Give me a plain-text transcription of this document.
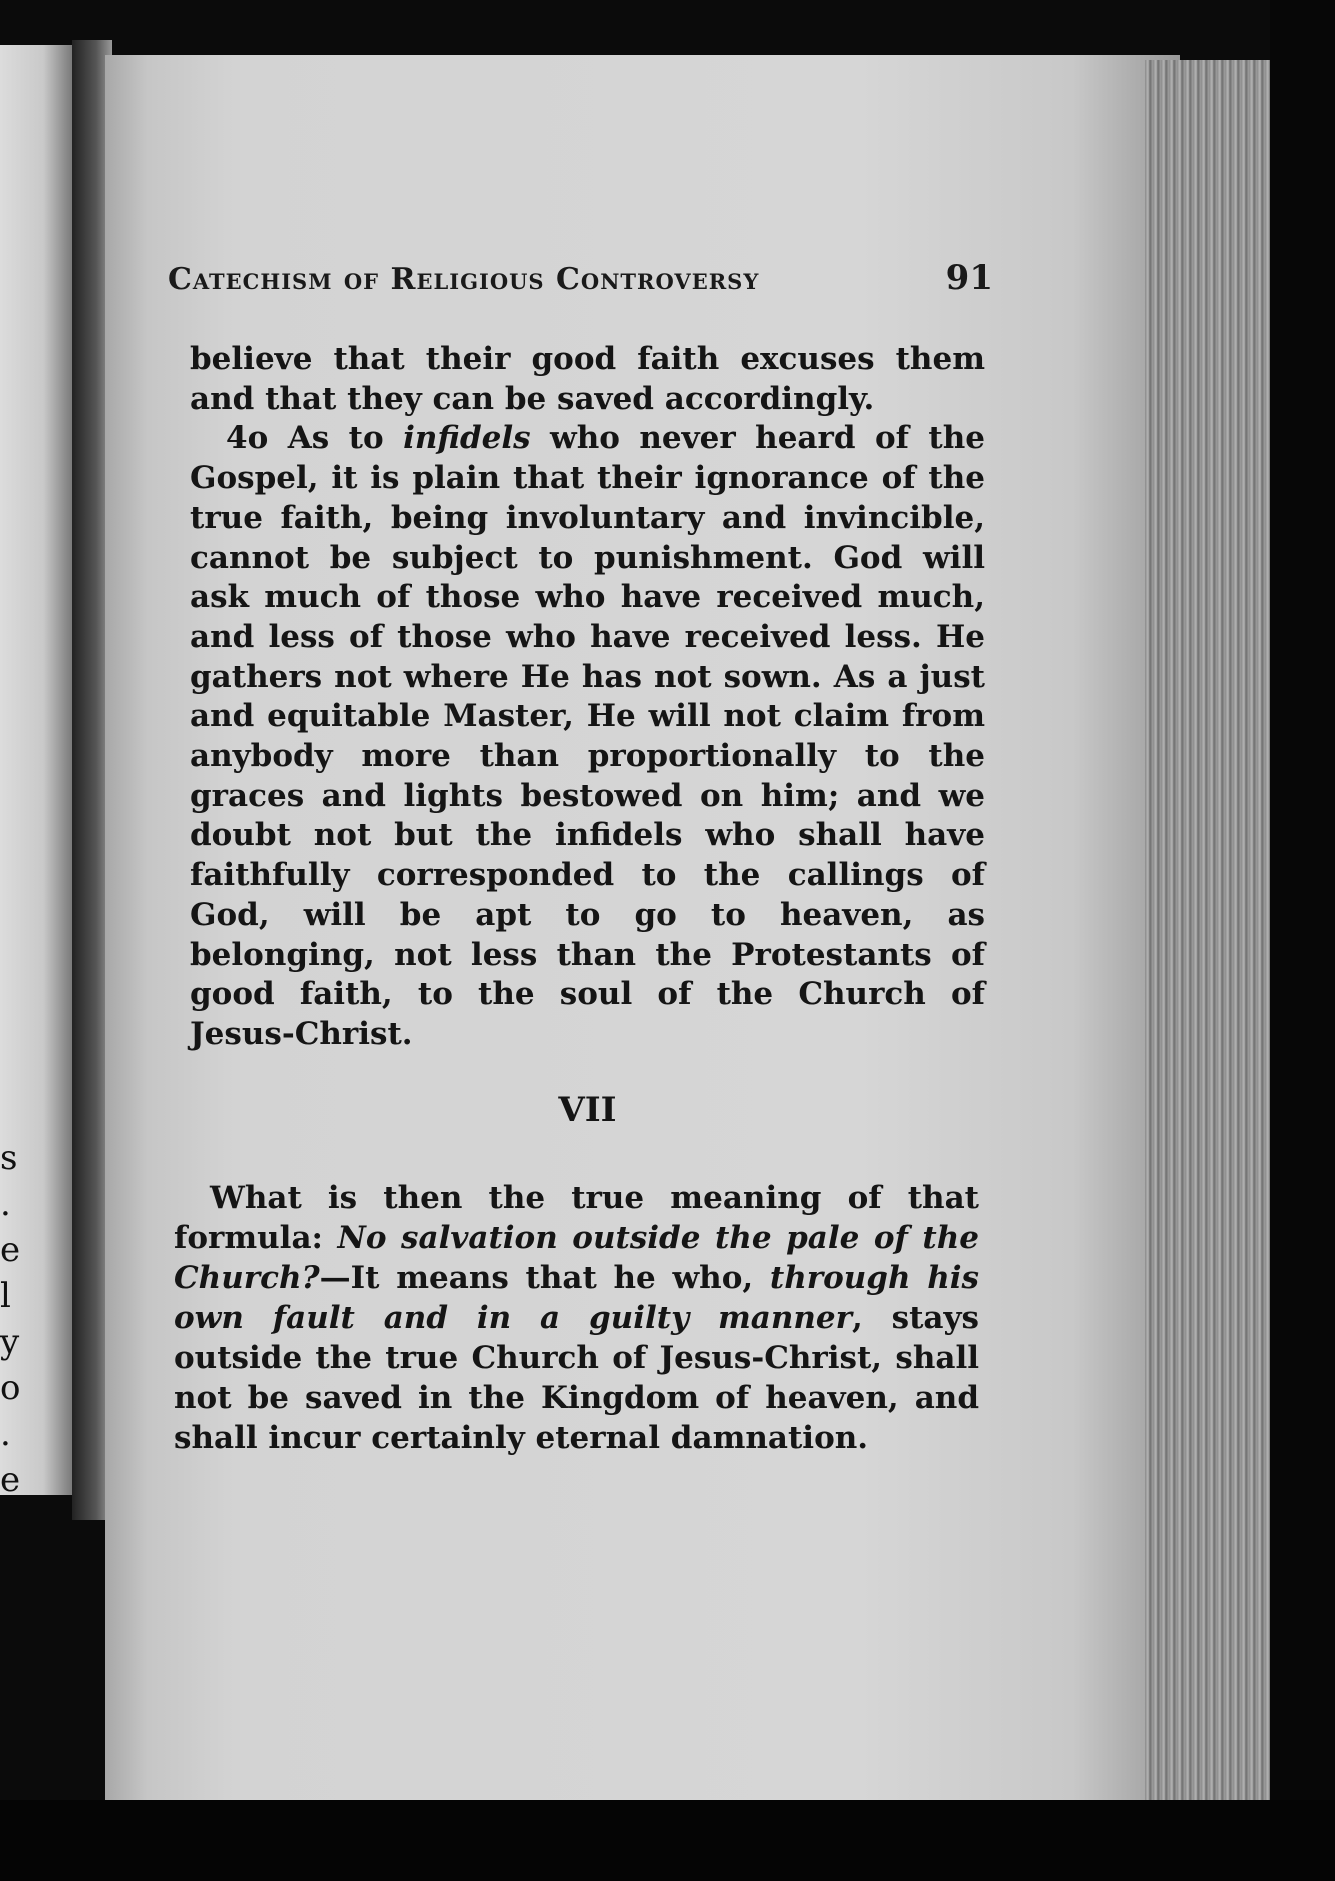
s
.
e
l
y
o
.
e
Catechism of Religious Controversy	91

believe that their good faith excuses them and that they can be saved accordingly.

4o As to infidels who never heard of the Gospel, it is plain that their ignorance of the true faith, being involuntary and invincible, cannot be subject to punishment. God will ask much of those who have received much, and less of those who have received less. He gathers not where He has not sown. As a just and equitable Master, He will not claim from anybody more than proportionally to the graces and lights bestowed on him; and we doubt not but the infidels who shall have faithfully corresponded to the callings of God, will be apt to go to heaven, as belonging, not less than the Protestants of good faith, to the soul of the Church of Jesus-Christ.

VII

What is then the true meaning of that formula: No salvation outside the pale of the Church?—It means that he who, through his own fault and in a guilty manner, stays outside the true Church of Jesus-Christ, shall not be saved in the Kingdom of heaven, and shall incur certainly eternal damnation.
